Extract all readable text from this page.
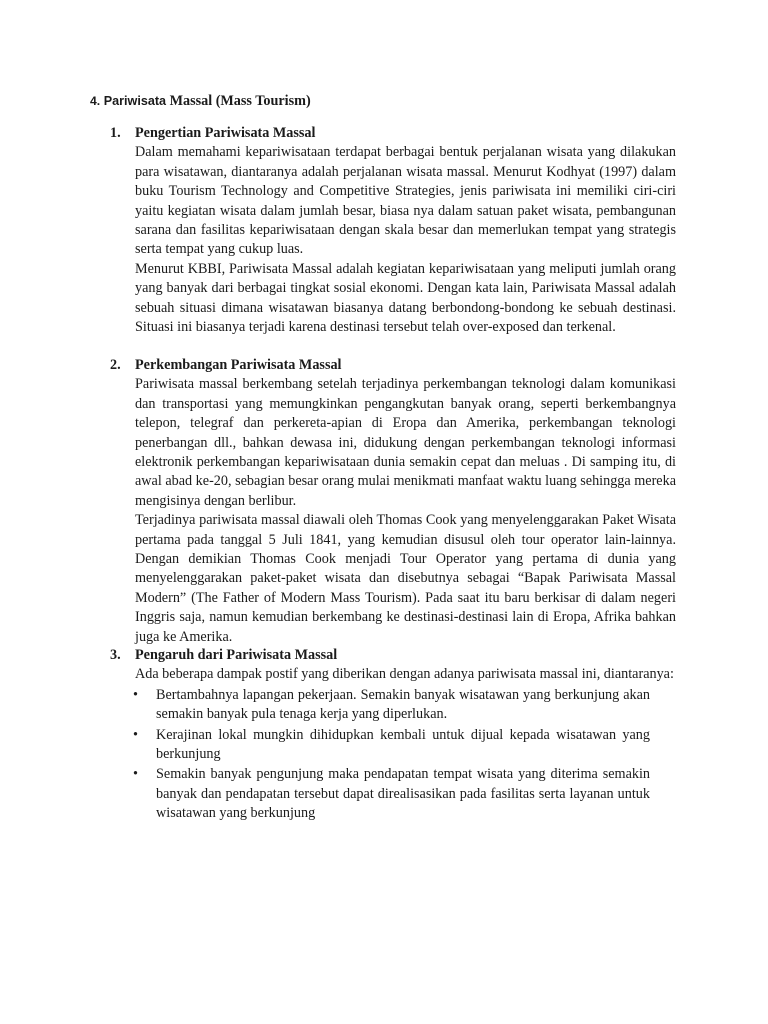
4. Pariwisata Massal (Mass Tourism)
1. Pengertian Pariwisata Massal

Dalam memahami kepariwisataan terdapat berbagai bentuk perjalanan wisata yang dilakukan para wisatawan, diantaranya adalah perjalanan wisata massal. Menurut Kodhyat (1997) dalam buku Tourism Technology and Competitive Strategies, jenis pariwisata ini memiliki ciri-ciri yaitu kegiatan wisata dalam jumlah besar, biasa nya dalam satuan paket wisata, pembangunan sarana dan fasilitas kepariwisataan dengan skala besar dan memerlukan tempat yang strategis serta tempat yang cukup luas.

Menurut KBBI, Pariwisata Massal adalah kegiatan kepariwisataan yang meliputi jumlah orang yang banyak dari berbagai tingkat sosial ekonomi. Dengan kata lain, Pariwisata Massal adalah sebuah situasi dimana wisatawan biasanya datang berbondong-bondong ke sebuah destinasi. Situasi ini biasanya terjadi karena destinasi tersebut telah over-exposed dan terkenal.

2. Perkembangan Pariwisata Massal

Pariwisata massal berkembang setelah terjadinya perkembangan teknologi dalam komunikasi dan transportasi yang memungkinkan pengangkutan banyak orang, seperti berkembangnya telepon, telegraf dan perkereta-apian di Eropa dan Amerika, perkembangan teknologi penerbangan dll., bahkan dewasa ini, didukung dengan perkembangan teknologi informasi elektronik perkembangan kepariwisataan dunia semakin cepat dan meluas . Di samping itu, di awal abad ke-20, sebagian besar orang mulai menikmati manfaat waktu luang sehingga mereka mengisinya dengan berlibur.

Terjadinya pariwisata massal diawali oleh Thomas Cook yang menyelenggarakan Paket Wisata pertama pada tanggal 5 Juli 1841, yang kemudian disusul oleh tour operator lain-lainnya. Dengan demikian Thomas Cook menjadi Tour Operator yang pertama di dunia yang menyelenggarakan paket-paket wisata dan disebutnya sebagai “Bapak Pariwisata Massal Modern” (The Father of Modern Mass Tourism). Pada saat itu baru berkisar di dalam negeri Inggris saja, namun kemudian berkembang ke destinasi-destinasi lain di Eropa, Afrika bahkan juga ke Amerika.

3. Pengaruh dari Pariwisata Massal

Ada beberapa dampak postif yang diberikan dengan adanya pariwisata massal ini, diantaranya:

•	Bertambahnya lapangan pekerjaan. Semakin banyak wisatawan yang berkunjung akan semakin banyak pula tenaga kerja yang diperlukan.
•	Kerajinan lokal mungkin dihidupkan kembali untuk dijual kepada wisatawan yang berkunjung
•	Semakin banyak pengunjung maka pendapatan tempat wisata yang diterima semakin banyak dan pendapatan tersebut dapat direalisasikan pada fasilitas serta layanan untuk wisatawan yang berkunjung
